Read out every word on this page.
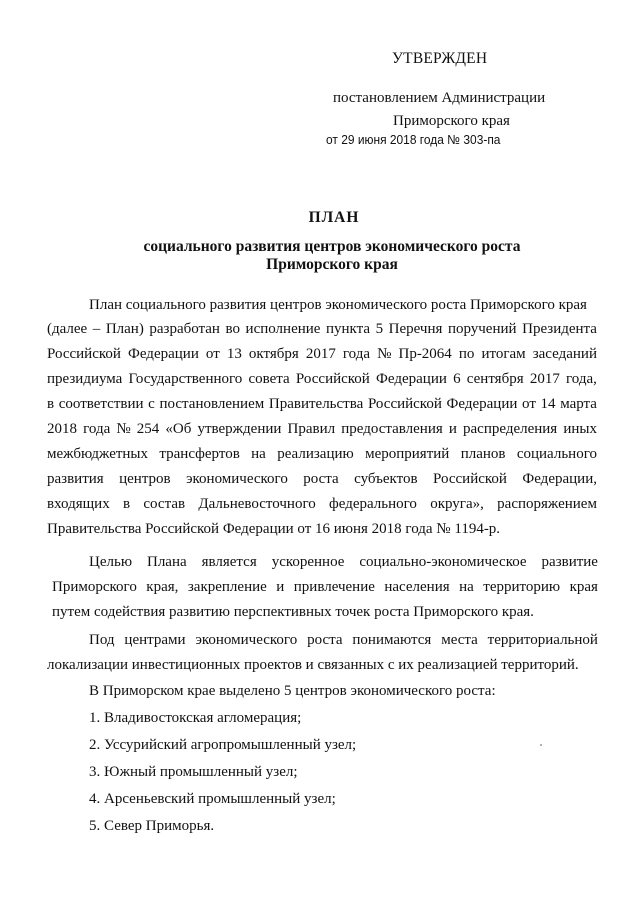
УТВЕРЖДЕН
постановлением Администрации
Приморского края
от 29 июня 2018 года № 303-па
ПЛАН
социального развития центров экономического роста
Приморского края
План социального развития центров экономического роста Приморского края
(далее – План) разработан во исполнение пункта 5 Перечня поручений Президента
Российской Федерации от 13 октября 2017 года № Пр-2064 по итогам заседаний
президиума Государственного совета Российской Федерации 6 сентября 2017 года,
в соответствии с постановлением Правительства Российской Федерации от 14 марта
2018 года № 254 «Об утверждении Правил предоставления и распределения иных
межбюджетных трансфертов на реализацию мероприятий планов социального
развития центров экономического роста субъектов Российской Федерации,
входящих в состав Дальневосточного федерального округа», распоряжением
Правительства Российской Федерации от 16 июня 2018 года № 1194-р.
Целью Плана является ускоренное социально-экономическое развитие
Приморского края, закрепление и привлечение населения на территорию края
путем содействия развитию перспективных точек роста Приморского края.
Под центрами экономического роста понимаются места территориальной
локализации инвестиционных проектов и связанных с их реализацией территорий.
В Приморском крае выделено 5 центров экономического роста:
1. Владивостокская агломерация;
2. Уссурийский агропромышленный узел;
3. Южный промышленный узел;
4. Арсеньевский промышленный узел;
5. Север Приморья.
